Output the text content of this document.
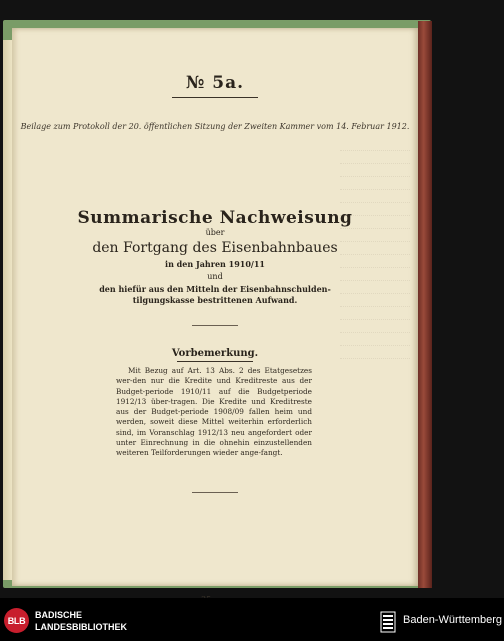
№ 5a.
Beilage zum Protokoll der 20. öffentlichen Sitzung der Zweiten Kammer vom 14. Februar 1912.
Summarische Nachweisung
über
den Fortgang des Eisenbahnbaues
in den Jahren 1910/11
und
den hiefür aus den Mitteln der Eisenbahnschulden-
tilgungskasse bestrittenen Aufwand.
Vorbemerkung.
Mit Bezug auf Art. 13 Abs. 2 des Etatgesetzes wer-den nur die Kredite und Kreditreste aus der Budget-periode 1910/11 auf die Budgetperiode 1912/13 über-tragen. Die Kredite und Kreditreste aus der Budget-periode 1908/09 fallen heim und werden, soweit diese Mittel weiterhin erforderlich sind, im Voranschlag 1912/13 neu angefordert oder unter Einrechnung in die ohnehin einzustellenden weiteren Teilforderungen wieder ange-fangt.
BLB
BADISCHE
LANDESBIBLIOTHEK
Baden-Württemberg
